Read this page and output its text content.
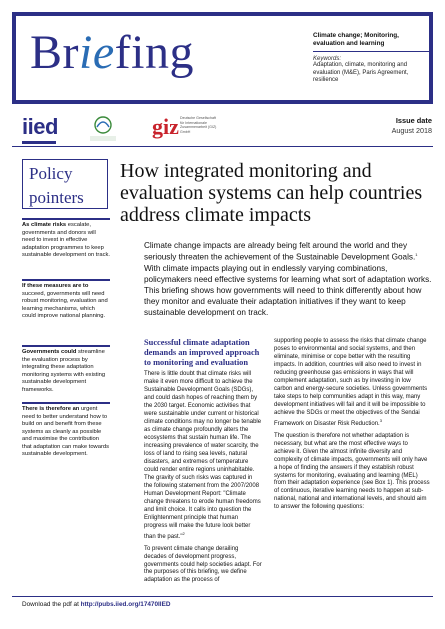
Briefing	Climate change; Monitoring, evaluation and learning
Keywords:
Adaptation, climate, monitoring and evaluation (M&E), Paris Agreement, resilience
iied	giz Deutsche Gesellschaft für Internationale Zusammenarbeit (GIZ) GmbH
Issue date
August 2018
Policy
pointers
As climate risks escalate, governments and donors will need to invest in effective adaptation programmes to keep sustainable development on track.
If these measures are to succeed, governments will need robust monitoring, evaluation and learning mechanisms, which could improve national planning.
Governments could streamline the evaluation process by integrating these adaptation monitoring systems with existing sustainable development frameworks.
There is therefore an urgent need to better understand how to build on and benefit from these systems as cleanly as possible and maximise the contribution that adaptation can make towards sustainable development.
How integrated monitoring and evaluation systems can help countries address climate impacts
Climate change impacts are already being felt around the world and they seriously threaten the achievement of the Sustainable Development Goals.$^1$ With climate impacts playing out in endlessly varying combinations, policymakers need effective systems for learning what sort of adaptation works. This briefing shows how governments will need to think differently about how they monitor and evaluate their adaptation initiatives if they want to keep sustainable development on track.
Successful climate adaptation demands an improved approach to monitoring and evaluation

There is little doubt that climate risks will make it even more difficult to achieve the Sustainable Development Goals (SDGs), and could dash hopes of reaching them by the 2030 target. Economic activities that were sustainable under current or historical climate conditions may no longer be tenable as climate change profoundly alters the ecosystems that sustain human life. The increasing prevalence of water scarcity, the loss of land to rising sea levels, natural disasters, and extremes of temperature could render entire regions uninhabitable. The gravity of such risks was captured in the following statement from the 2007/2008 Human Development Report: "Climate change threatens to erode human freedoms and limit choice. It calls into question the Enlightenment principle that human progress will make the future look better than the past."$^2$

To prevent climate change derailing decades of development progress, governments could help societies adapt. For the purposes of this briefing, we define adaptation as the process of

supporting people to assess the risks that climate change poses to environmental and social systems, and then eliminate, minimise or cope better with the resulting impacts. In addition, countries will also need to invest in reducing greenhouse gas emissions in ways that will complement adaptation, such as by investing in low carbon and energy-secure societies. Unless governments take steps to help communities adapt in this way, many development initiatives will fail and it will be impossible to achieve the SDGs or meet the objectives of the Sendai Framework on Disaster Risk Reduction.$^3$

The question is therefore not whether adaptation is necessary, but what are the most effective ways to achieve it. Given the almost infinite diversity and complexity of climate impacts, governments will only have a hope of finding the answers if they establish robust systems for monitoring, evaluating and learning (MEL) from their adaptation experience (see Box 1). This process of continuous, iterative learning needs to happen at sub-national, national and international levels, and should aim to answer the following questions:

Download the pdf at http://pubs.iied.org/17470IIED
